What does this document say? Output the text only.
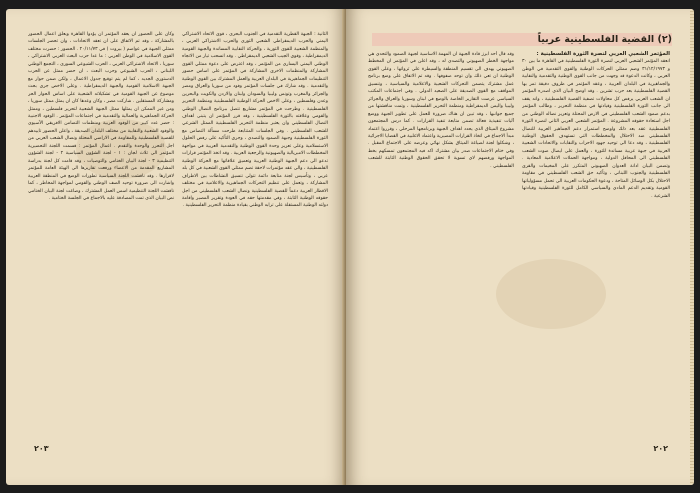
الثانية : الجبهة القطرية التقدمية في الجنوب البحري ، قوى الاتحاد الاشتراكي اليمني والحزب الديمقراطي الشعبي الثوري والحزب الاشتراكي العربي ، والمنظمة الشعبية للقوى الثورية ، والحركة النقابية المساندة والجبهة القومية الديمقراطية ، وقوى الجيب الشعبي الديمقراطي . وقد انسحب تيار من الاتجاه الوطني اليمني اليساري من المؤتمر ، وقد اعترض على دعوة ممثلي القوى المشاركة والمنظمات الاخرى المشاركة في المؤتمر على اساس حضور التنظيمات الجماهيرية في البلدان العربية والعمل المشترك بين القوى الوطنية والتقدمية . وقد شارك في جلسات المؤتمر وفود من سوريا والعراق ومصر والجزائر والمغرب وتونس وليبيا والسودان ولبنان والاردن والكويت والبحرين وعدن وفلسطين ، وعلى الاخص الحركة الوطنية الفلسطينية ومنظمة التحرير الفلسطينية . وطرحت في المؤتمر مشاريع تتصل ببرنامج النضال الوطني والقومي وعلاقته بالثورة الفلسطينية ، وقد قرر المؤتمر ان يتبنى اهداف النضال الفلسطيني وان يعتبر منظمة التحرير الفلسطينية الممثل الشرعي للشعب الفلسطيني . وفي الجلسات المتتابعة طرحت مسألة التضامن مع الثورة الفلسطينية وجبهة الصمود والتصدي ، وجرى التأكيد على رفض الحلول الاستسلامية وعلى تعزيز وحدة القوى الوطنية والتقدمية العربية في مواجهة المخططات الامبريالية والصهيونية والرجعية العربية . وقد اتخذ المؤتمر قرارات تدعو الى دعم الجبهة الوطنية العربية وتعميق علاقاتها مع الحركة الوطنية الفلسطينية ، والى عقد مؤتمرات لاحقة تضم ممثلي القوى الشعبية في كل بلد عربي ، وتأسيس لجنة متابعة دائمة تتولى تنسيق النشاطات بين الاطراف المشاركة ، وتعمل على تنظيم التحركات الجماهيرية والاعلامية في مختلف الاقطار العربية دعماً للقضية الفلسطينية ونضال الشعب الفلسطيني من اجل حقوقه الوطنية الثابتة ، وفي مقدمتها حقه في العودة وتقرير المصير واقامة دولته الوطنية المستقلة على ترابه الوطني بقيادة منظمة التحرير الفلسطينية .

وكان على الحضور ان يعقد المؤتمر ان يؤدوا القاهرة وبعلق اعمال الحضور بالمشاركة ، وقد تم الاتفاق على ان تعقد الاتحادات ، وان تحضر الجلسات ممثلي الجبهة في عواصم ( بيروت ) في ٢٠/١١/٧٣ . الحضور : حضرت مختلف القوى الاسلامية في الوطن العربي : ما عدا حزب البعث العربي الاشتراكي ، سوريا ، الاتحاد الاشتراكي العربي ، الحزب الشيوعي السوري ، التجمع الوطني اللبناني ، الحزب الشيوعي وحزب البعث ، ان حضر ممثل عن الحزب الدستوري الجديد ، كما لم يتم توقيع جدول الاعمال ، ولكن ضمن حوار مع الجبهة الاسلامية القومية والجبهة الديمقراطية . وعلى الاخص جرى بحث موضوع عن الجبهة القومية في تشكيلاته الشعبية على اساس الحوار الحر ومشاركة المستقلين . شاركت مصر ، وكان وعدها كان ان يمثل ممثل سوريا ، ومن غير الممكن ان يمثلها ممثل الجبهة الشعبية لتحرير فلسطين ، وممثل الحركة الجماهيرية والعمالية والتقدمية في اجتماعات المؤتمر . الوفود الاجنبية : حضر عدد كبير من الوفود العربية ومنظمات التضامن الافريقي الآسيوي والوفود الشعبية والنقابية من مختلف البلدان الصديقة ، واعلن الحضور تاييدهم للقضية الفلسطينية وللمقاومة في الاراضي المحتلة ونضال الشعب العربي من اجل التحرر والوحدة والتقدم . اعمال المؤتمر : قسمت اللجنة التحضيرية المؤتمر الى ثلاث لجان : ١ - لجنة الشؤون السياسية ٢ - لجنة الشؤون التنظيمية ٣ - لجنة البيان الختامي والتوصيات ، وقد قامت كل لجنة بدراسة المشاريع المقدمة من الاعضاء ورفعت تقاريرها الى الهيئة العامة للمؤتمر لاقرارها . وقد ناقشت اللجنة السياسية تطورات الوضع في المنطقة العربية واشارت الى ضرورة توحيد الصف الوطني والقومي لمواجهة المخاطر ، كما ناقشت اللجنة التنظيمية اسس العمل المشترك ، وصاغت لجنة البيان الختامي نص البيان الذي تمت المصادقة عليه بالاجماع في الجلسة الختامية .

٢٠٣
(٢) القضية الفلسطينية عربياً

المؤتمر الشعبي العربي لنصرة الثورة الفلسطينية :

انعقد المؤتمر الشعبي العربي لنصرة الثورة الفلسطينية في القاهرة ما بين ٣٠ و ٣١/١٢/١٩٧٣ وضم ممثلي الحركات الوطنية والقوى التقدمية في الوطن العربي ، وكانت الدعوة قد وجهت من جانب القوى الوطنية والتقدمية والنقابية والجماهيرية في البلدان العربية ، وعقد المؤتمر في ظروف دقيقة تمر بها القضية الفلسطينية بعد حرب تشرين . وقد اوضح البيان الذي اصدره المؤتمر ان الشعب العربي يرفض كل محاولات تصفية القضية الفلسطينية ، وانه يقف الى جانب الثورة الفلسطينية وقيادتها في منظمة التحرير ، وطالب المؤتمر بدعم صمود الشعب الفلسطيني في الارض المحتلة وتعزيز نضاله الوطني من اجل استعادة حقوقه المشروعة . المؤتمر الشعبي العربي الثاني لنصرة الثورة الفلسطينية عقد بعد ذلك واوضح استمرار دعم الجماهير العربية للنضال الفلسطيني ضد الاحتلال والمخططات التي تستهدف الحقوق الوطنية الفلسطينية ، وقد دعا الى توحيد جهود الاحزاب والنقابات والاتحادات الشعبية العربية في جبهة عربية مساندة للثورة ، والعمل على ايصال صوت الشعب الفلسطيني الى المحافل الدولية ، ومواجهة الحملات الاعلامية المعادية . وتضمن البيان ادانة العدوان الصهيوني المتكرر على المخيمات والقرى الفلسطينية والجنوب اللبناني ، وتأكيد حق الشعب الفلسطيني في مقاومة الاحتلال بكل الوسائل المتاحة ، ودعوة الحكومات العربية الى تحمل مسؤولياتها القومية وتقديم الدعم المادي والسياسي الكامل للثورة الفلسطينية وقيادتها الشرعية .

وقد قال أحد ابرز قادة الجبهة ان المهمة الاساسية لجبهة الصمود والتحدي هي مواجهة الخطر الصهيوني والتصدي له ، وقد اعلن في المؤتمر ان المخطط الصهيوني يهدف الى تقسيم المنطقة والسيطرة على ثرواتها ، وعلى القوى الوطنية ان تعي ذلك وان توحد صفوفها . وقد تم الاتفاق على وضع برنامج عمل مشترك يتضمن التحركات الشعبية والاعلامية والسياسية ، وتنسيق المواقف مع القوى الصديقة على الصعيد الدولي . وفي اجتماعات المكتب السياسي عرضت التقارير الخاصة بالوضع في لبنان وسوريا والعراق والجزائر وليبيا واليمن الديمقراطية ومنظمة التحرير الفلسطينية ، وتمت مناقشتها من جميع جوانبها ، وقد تبين ان هناك ضرورة للعمل على تطوير الجبهة ووضع آليات تنفيذية فعالة تضمن متابعة تنفيذ القرارات . كما درس المجتمعون مشروع الميثاق الذي يحدد اهداف الجبهة وبرنامجها المرحلي ، وقرروا اعتماد مبدأ الاجماع في اتخاذ القرارات المصيرية واعتماد الاغلبية في القضايا الاجرائية ، وشكلوا لجنة لصياغة الميثاق بشكل نهائي وعرضه على الاجتماع المقبل . وفي ختام الاجتماعات صدر بيان مشترك اكد فيه المجتمعون تمسكهم بخط المواجهة ورفضهم لاي تسوية لا تحقق الحقوق الوطنية الثابتة للشعب الفلسطيني .

٢٠٢
